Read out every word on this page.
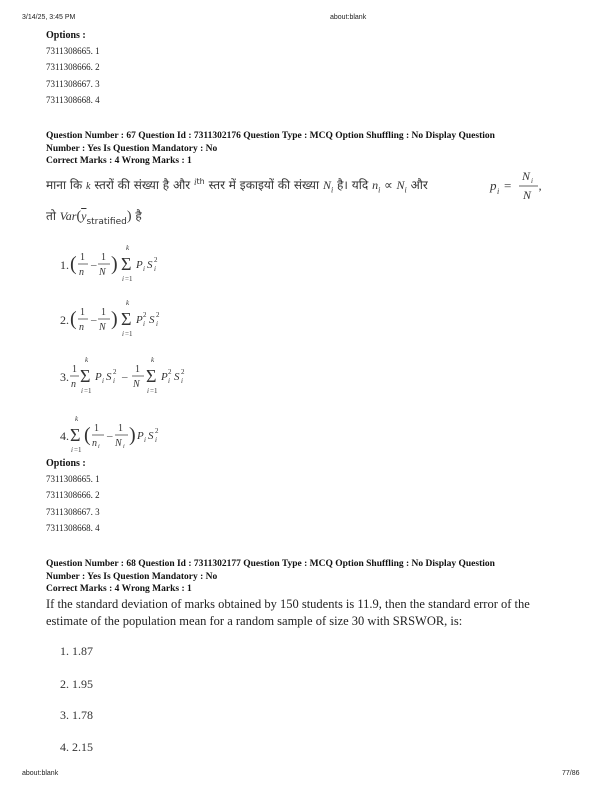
3/14/25, 3:45 PM	about:blank
Options :
7311308665. 1
7311308666. 2
7311308667. 3
7311308668. 4
Question Number : 67 Question Id : 7311302176 Question Type : MCQ Option Shuffling : No Display Question
Number : Yes Is Question Mandatory : No
Correct Marks : 4 Wrong Marks : 1
माना कि k स्तरों की संख्या है और $^{ith}$ स्तर में इकाइयों की संख्या $N_i$ है। यदि $n_i \propto N_i$ और	p i =
N i
N ’
तो $Var(\overline{y}_{stratified})$ है
1. ( 1
n
–
1
N )
k
Σ
i =1
P i S 2
i
2. ( 1
n
–
1
N )
k
Σ
i =1
P 2
i S 2
i
3.
1
n
k
Σ
i =1
P i S 2
i –
1
N
k
Σ
i =1
P 2
i S 2
i
4.
k
Σ
i =1
( 1
n i
–
1
N i
) P i S 2
i
Options :
7311308665. 1
7311308666. 2
7311308667. 3
7311308668. 4
Question Number : 68 Question Id : 7311302177 Question Type : MCQ Option Shuffling : No Display Question
Number : Yes Is Question Mandatory : No
Correct Marks : 4 Wrong Marks : 1
If the standard deviation of marks obtained by 150 students is 11.9, then the standard error of the
estimate of the population mean for a random sample of size 30 with SRSWOR, is:
1. 1.87
2. 1.95
3. 1.78
4. 2.15
about:blank	77/86
